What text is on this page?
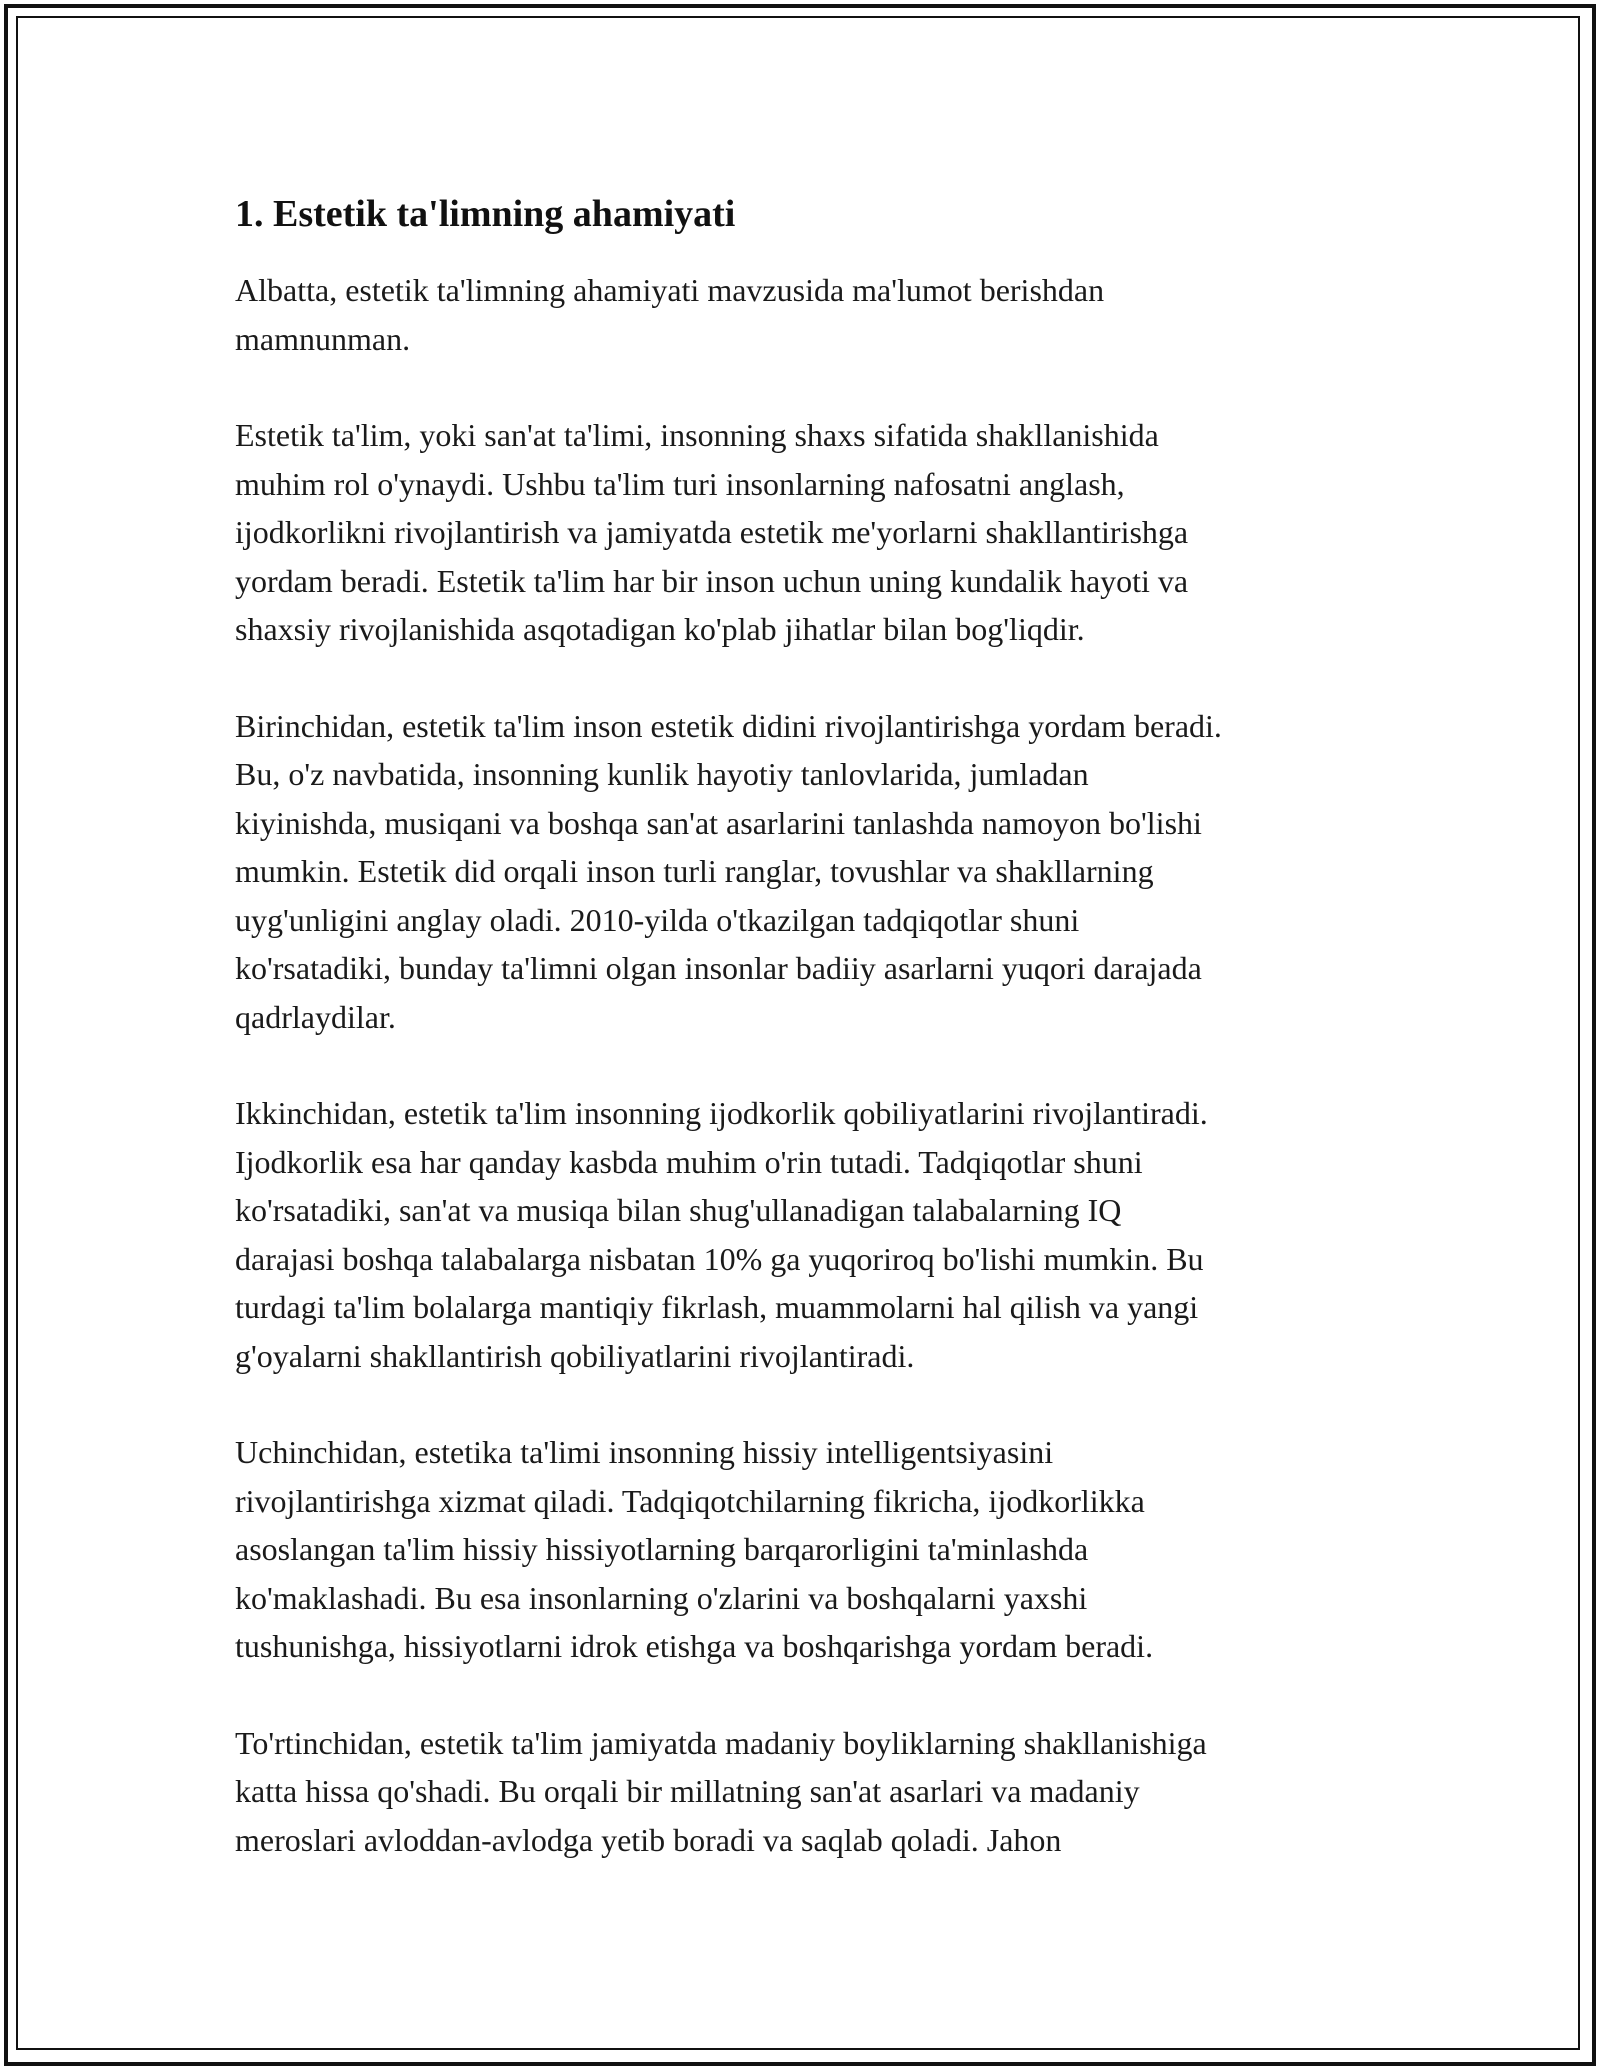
1. Estetik ta'limning ahamiyati

Albatta, estetik ta'limning ahamiyati mavzusida ma'lumot berishdan
mamnunman.

Estetik ta'lim, yoki san'at ta'limi, insonning shaxs sifatida shakllanishida
muhim rol o'ynaydi. Ushbu ta'lim turi insonlarning nafosatni anglash,
ijodkorlikni rivojlantirish va jamiyatda estetik me'yorlarni shakllantirishga
yordam beradi. Estetik ta'lim har bir inson uchun uning kundalik hayoti va
shaxsiy rivojlanishida asqotadigan ko'plab jihatlar bilan bog'liqdir.

Birinchidan, estetik ta'lim inson estetik didini rivojlantirishga yordam beradi.
Bu, o'z navbatida, insonning kunlik hayotiy tanlovlarida, jumladan
kiyinishda, musiqani va boshqa san'at asarlarini tanlashda namoyon bo'lishi
mumkin. Estetik did orqali inson turli ranglar, tovushlar va shakllarning
uyg'unligini anglay oladi. 2010-yilda o'tkazilgan tadqiqotlar shuni
ko'rsatadiki, bunday ta'limni olgan insonlar badiiy asarlarni yuqori darajada
qadrlaydilar.

Ikkinchidan, estetik ta'lim insonning ijodkorlik qobiliyatlarini rivojlantiradi.
Ijodkorlik esa har qanday kasbda muhim o'rin tutadi. Tadqiqotlar shuni
ko'rsatadiki, san'at va musiqa bilan shug'ullanadigan talabalarning IQ
darajasi boshqa talabalarga nisbatan 10% ga yuqoriroq bo'lishi mumkin. Bu
turdagi ta'lim bolalarga mantiqiy fikrlash, muammolarni hal qilish va yangi
g'oyalarni shakllantirish qobiliyatlarini rivojlantiradi.

Uchinchidan, estetika ta'limi insonning hissiy intelligentsiyasini
rivojlantirishga xizmat qiladi. Tadqiqotchilarning fikricha, ijodkorlikka
asoslangan ta'lim hissiy hissiyotlarning barqarorligini ta'minlashda
ko'maklashadi. Bu esa insonlarning o'zlarini va boshqalarni yaxshi
tushunishga, hissiyotlarni idrok etishga va boshqarishga yordam beradi.

To'rtinchidan, estetik ta'lim jamiyatda madaniy boyliklarning shakllanishiga
katta hissa qo'shadi. Bu orqali bir millatning san'at asarlari va madaniy
meroslari avloddan-avlodga yetib boradi va saqlab qoladi. Jahon
